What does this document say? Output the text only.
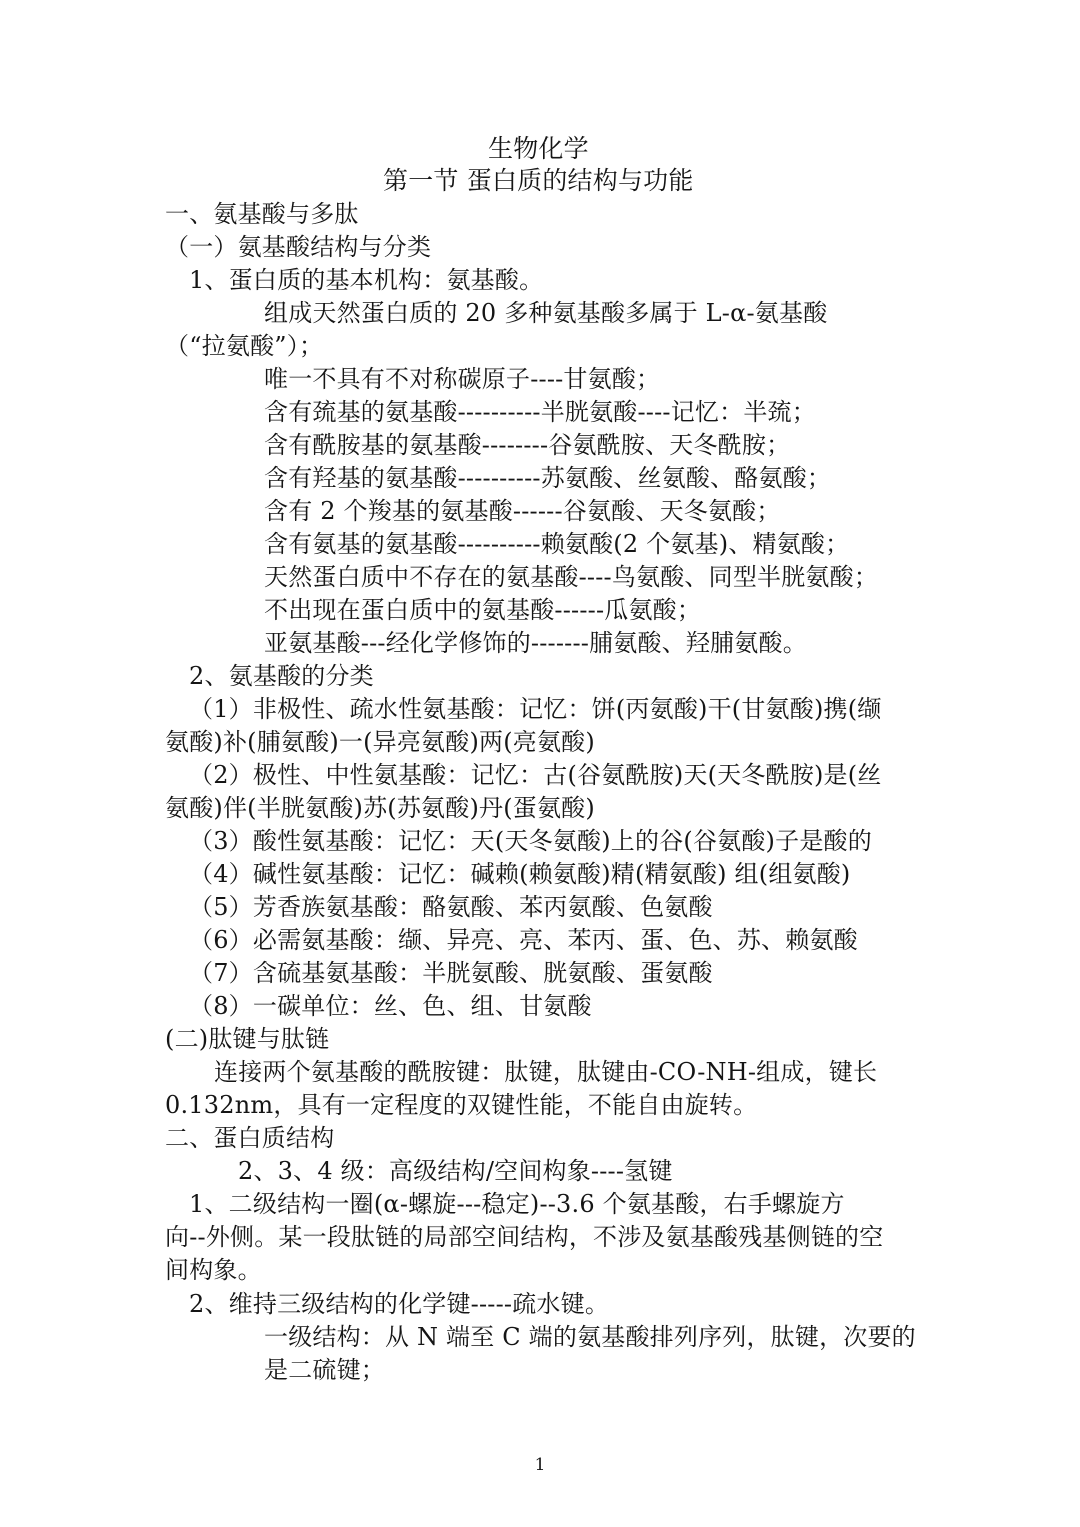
生物化学
第一节 蛋白质的结构与功能
一、氨基酸与多肽
（一）氨基酸结构与分类
1、蛋白质的基本机构：氨基酸。
组成天然蛋白质的 20 多种氨基酸多属于 L-α-氨基酸
（“拉氨酸”）；
唯一不具有不对称碳原子----甘氨酸；
含有巯基的氨基酸----------半胱氨酸----记忆：半巯；
含有酰胺基的氨基酸--------谷氨酰胺、天冬酰胺；
含有羟基的氨基酸----------苏氨酸、丝氨酸、酪氨酸；
含有 2 个羧基的氨基酸------谷氨酸、天冬氨酸；
含有氨基的氨基酸----------赖氨酸(2 个氨基)、精氨酸；
天然蛋白质中不存在的氨基酸----鸟氨酸、同型半胱氨酸；
不出现在蛋白质中的氨基酸------瓜氨酸；
亚氨基酸---经化学修饰的-------脯氨酸、羟脯氨酸。
2、氨基酸的分类
（1）非极性、疏水性氨基酸：记忆：饼(丙氨酸)干(甘氨酸)携(缬
氨酸)补(脯氨酸)一(异亮氨酸)两(亮氨酸)
（2）极性、中性氨基酸：记忆：古(谷氨酰胺)天(天冬酰胺)是(丝
氨酸)伴(半胱氨酸)苏(苏氨酸)丹(蛋氨酸)
（3）酸性氨基酸：记忆：天(天冬氨酸)上的谷(谷氨酸)子是酸的
（4）碱性氨基酸：记忆：碱赖(赖氨酸)精(精氨酸) 组(组氨酸)
（5）芳香族氨基酸：酪氨酸、苯丙氨酸、色氨酸
（6）必需氨基酸：缬、异亮、亮、苯丙、蛋、色、苏、赖氨酸
（7）含硫基氨基酸：半胱氨酸、胱氨酸、蛋氨酸
（8）一碳单位：丝、色、组、甘氨酸
(二)肽键与肽链
连接两个氨基酸的酰胺键：肽键，肽键由-CO-NH-组成，键长
0.132nm，具有一定程度的双键性能，不能自由旋转。
二、蛋白质结构
2、3、4 级：高级结构/空间构象----氢键
1、二级结构一圈(α-螺旋---稳定)--3.6 个氨基酸，右手螺旋方
向--外侧。某一段肽链的局部空间结构，不涉及氨基酸残基侧链的空
间构象。
2、维持三级结构的化学键-----疏水键。
一级结构：从 N 端至 C 端的氨基酸排列序列，肽键，次要的
是二硫键；
1
